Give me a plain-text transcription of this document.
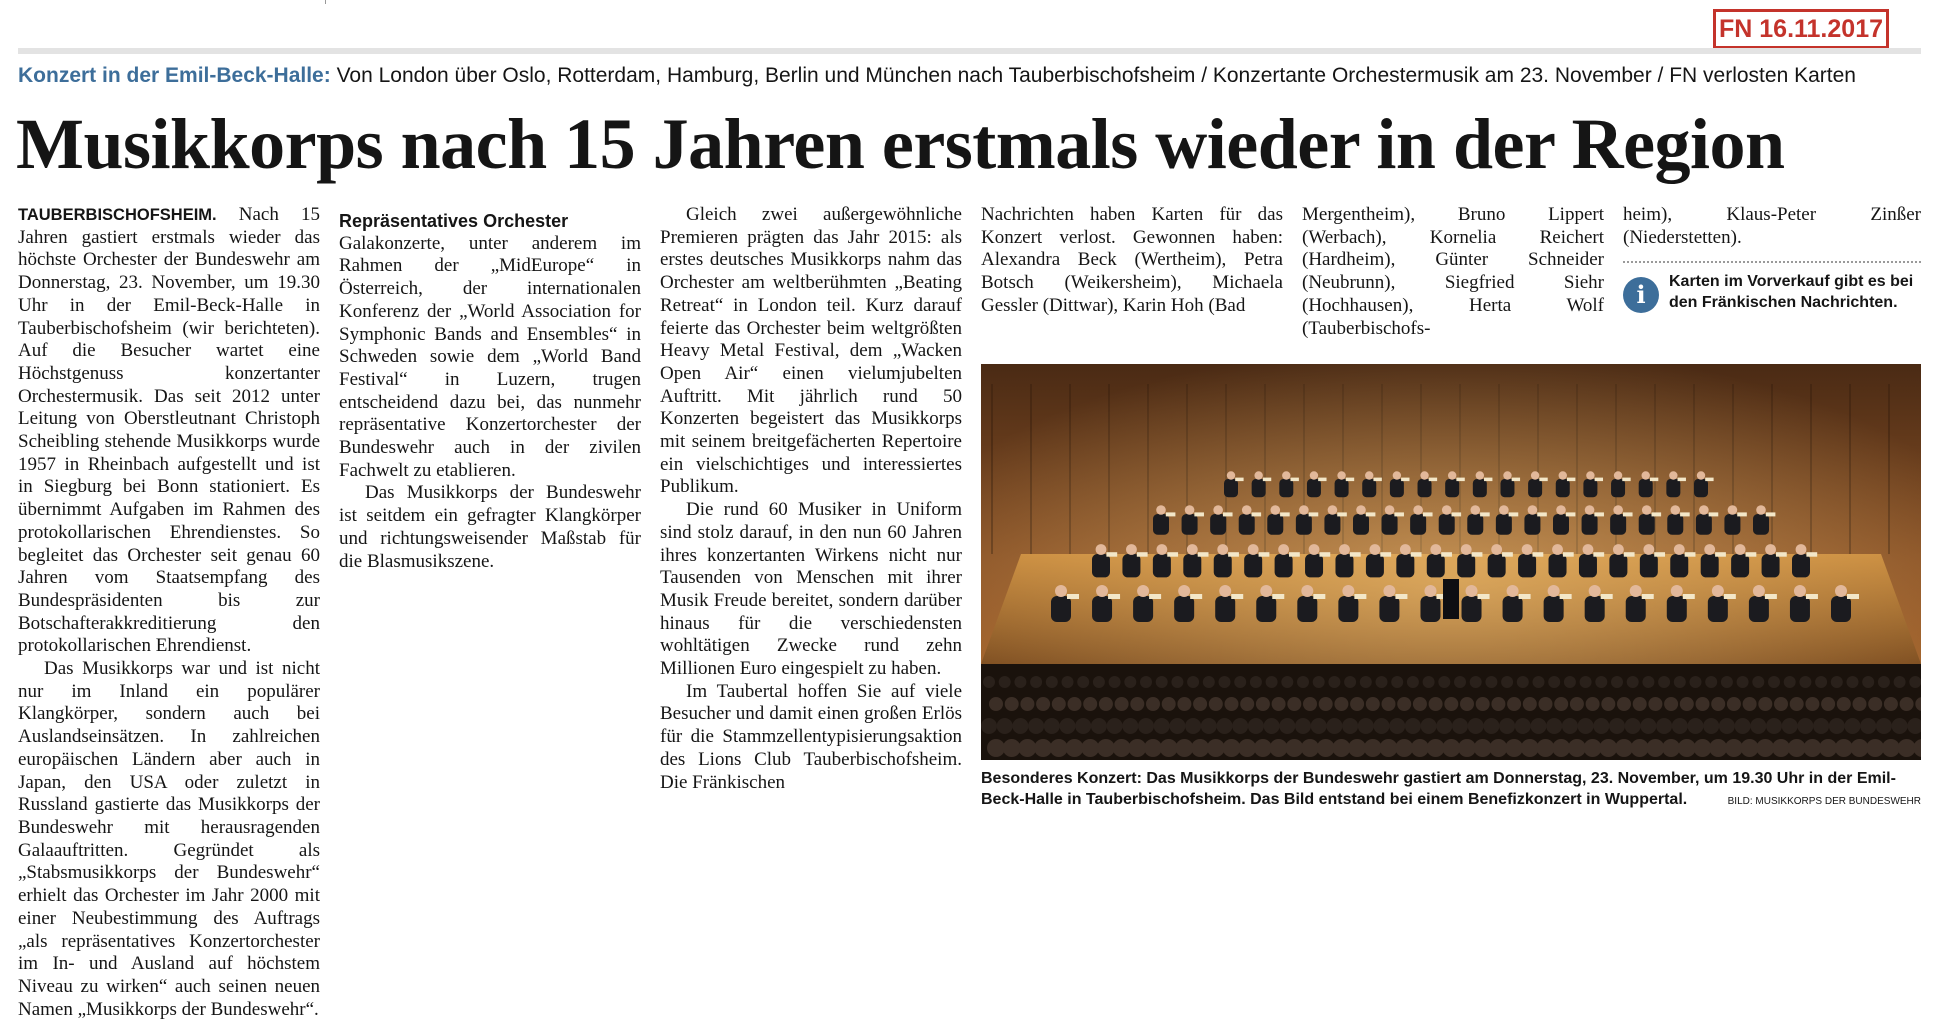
FN 16.11.2017
Konzert in der Emil-Beck-Halle: Von London über Oslo, Rotterdam, Hamburg, Berlin und München nach Tauberbischofsheim / Konzertante Orchestermusik am 23. November / FN verlosten Karten
Musikkorps nach 15 Jahren erstmals wieder in der Region

TAUBERBISCHOFSHEIM. Nach 15 Jahren gastiert erstmals wieder das höchste Orchester der Bundeswehr am Donnerstag, 23. November, um 19.30 Uhr in der Emil-Beck-Halle in Tauberbischofsheim (wir berichteten). Auf die Besucher wartet eine Höchstgenuss konzertanter Orchestermusik. Das seit 2012 unter Leitung von Oberstleutnant Christoph Scheibling stehende Musikkorps wurde 1957 in Rheinbach aufgestellt und ist in Siegburg bei Bonn stationiert. Es übernimmt Aufgaben im Rahmen des protokollarischen Ehrendienstes. So begleitet das Orchester seit genau 60 Jahren vom Staatsempfang des Bundespräsidenten bis zur Botschafterakkreditierung den protokollarischen Ehrendienst.

Das Musikkorps war und ist nicht nur im Inland ein populärer Klangkörper, sondern auch bei Auslandseinsätzen. In zahlreichen europäischen Ländern aber auch in Japan, den USA oder zuletzt in Russland gastierte das Musikkorps der Bundeswehr mit herausragenden Galaauftritten. Gegründet als „Stabsmusikkorps der Bundeswehr“ erhielt das Orchester im Jahr 2000 mit einer Neubestimmung des Auftrags „als repräsentatives Konzertorchester im In- und Ausland auf höchstem Niveau zu wirken“ auch seinen neuen Namen „Musikkorps der Bundeswehr“.

Repräsentatives Orchester

Galakonzerte, unter anderem im Rahmen der „MidEurope“ in Österreich, der internationalen Konferenz der „World Association for Symphonic Bands and Ensembles“ in Schweden sowie dem „World Band Festival“ in Luzern, trugen entscheidend dazu bei, das nunmehr repräsentative Konzertorchester der Bundeswehr auch in der zivilen Fachwelt zu etablieren.

Das Musikkorps der Bundeswehr ist seitdem ein gefragter Klangkörper und richtungsweisender Maßstab für die Blasmusikszene.

Gleich zwei außergewöhnliche Premieren prägten das Jahr 2015: als erstes deutsches Musikkorps nahm das Orchester am weltberühmten „Beating Retreat“ in London teil. Kurz darauf feierte das Orchester beim weltgrößten Heavy Metal Festival, dem „Wacken Open Air“ einen vielumjubelten Auftritt. Mit jährlich rund 50 Konzerten begeistert das Musikkorps mit seinem breitgefächerten Repertoire ein vielschichtiges und interessiertes Publikum.

Die rund 60 Musiker in Uniform sind stolz darauf, in den nun 60 Jahren ihres konzertanten Wirkens nicht nur Tausenden von Menschen mit ihrer Musik Freude bereitet, sondern darüber hinaus für die verschiedensten wohltätigen Zwecke rund zehn Millionen Euro eingespielt zu haben.

Im Taubertal hoffen Sie auf viele Besucher und damit einen großen Erlös für die Stammzellentypisierungsaktion des Lions Club Tauberbischofsheim. Die Fränkischen

Nachrichten haben Karten für das Konzert verlost. Gewonnen haben: Alexandra Beck (Wertheim), Petra Botsch (Weikersheim), Michaela Gessler (Dittwar), Karin Hoh (Bad

Mergentheim), Bruno Lippert (Werbach), Kornelia Reichert (Hardheim), Günter Schneider (Neubrunn), Siegfried Siehr (Hochhausen), Herta Wolf (Tauberbischofs-

heim), Klaus-Peter Zinßer (Niederstetten).

i	Karten im Vorverkauf gibt es bei den Fränkischen Nachrichten.
Besonderes Konzert: Das Musikkorps der Bundeswehr gastiert am Donnerstag, 23. November, um 19.30 Uhr in der Emil-Beck-Halle in Tauberbischofsheim. Das Bild entstand bei einem Benefizkonzert in Wuppertal.	BILD: MUSIKKORPS DER BUNDESWEHR
